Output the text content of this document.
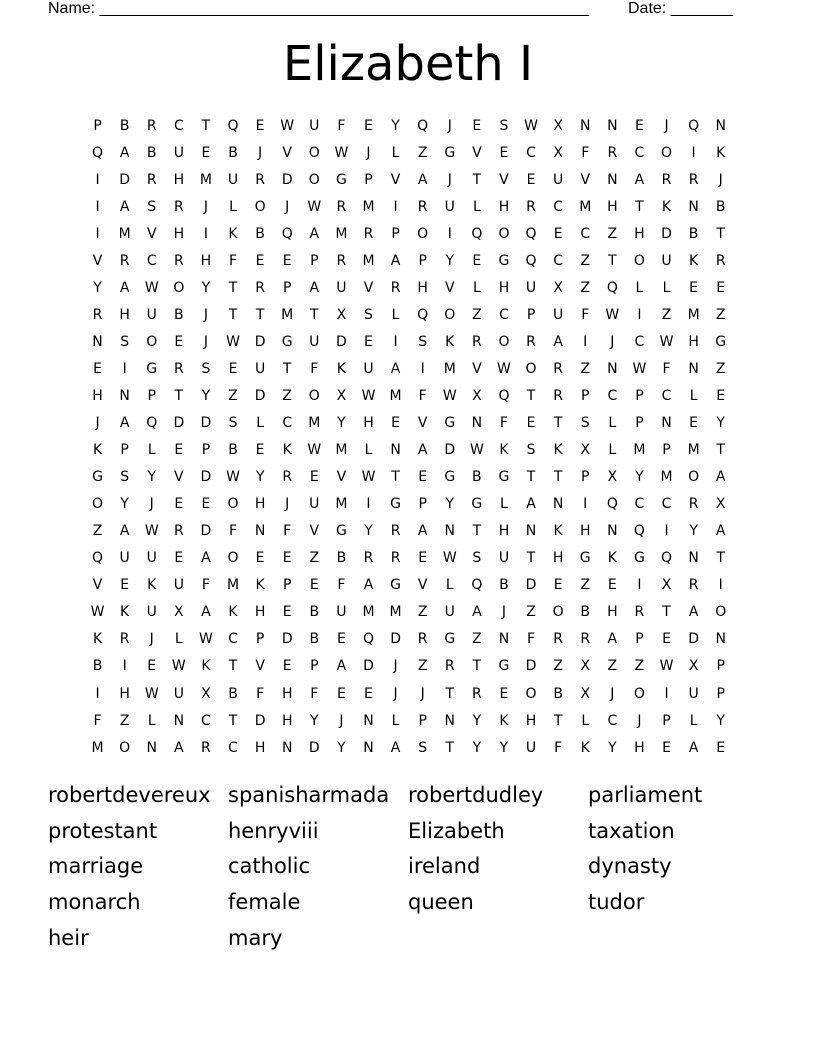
Name: _______________________________________________________ Date: _______
Elizabeth I
P	B	R	C	T	Q	E	W	U	F	E	Y	Q	J	E	S	W	X	N	N	E	J	Q	N
Q	A	B	U	E	B	J	V	O	W	J	L	Z	G	V	E	C	X	F	R	C	O	I	K
I	D	R	H	M	U	R	D	O	G	P	V	A	J	T	V	E	U	V	N	A	R	R	J
I	A	S	R	J	L	O	J	W	R	M	I	R	U	L	H	R	C	M	H	T	K	N	B
I	M	V	H	I	K	B	Q	A	M	R	P	O	I	Q	O	Q	E	C	Z	H	D	B	T
V	R	C	R	H	F	E	E	P	R	M	A	P	Y	E	G	Q	C	Z	T	O	U	K	R
Y	A	W	O	Y	T	R	P	A	U	V	R	H	V	L	H	U	X	Z	Q	L	L	E	E
R	H	U	B	J	T	T	M	T	X	S	L	Q	O	Z	C	P	U	F	W	I	Z	M	Z
N	S	O	E	J	W	D	G	U	D	E	I	S	K	R	O	R	A	I	J	C	W	H	G
E	I	G	R	S	E	U	T	F	K	U	A	I	M	V	W	O	R	Z	N	W	F	N	Z
H	N	P	T	Y	Z	D	Z	O	X	W	M	F	W	X	Q	T	R	P	C	P	C	L	E
J	A	Q	D	D	S	L	C	M	Y	H	E	V	G	N	F	E	T	S	L	P	N	E	Y
K	P	L	E	P	B	E	K	W	M	L	N	A	D	W	K	S	K	X	L	M	P	M	T
G	S	Y	V	D	W	Y	R	E	V	W	T	E	G	B	G	T	T	P	X	Y	M	O	A
O	Y	J	E	E	O	H	J	U	M	I	G	P	Y	G	L	A	N	I	Q	C	C	R	X
Z	A	W	R	D	F	N	F	V	G	Y	R	A	N	T	H	N	K	H	N	Q	I	Y	A
Q	U	U	E	A	O	E	E	Z	B	R	R	E	W	S	U	T	H	G	K	G	Q	N	T
V	E	K	U	F	M	K	P	E	F	A	G	V	L	Q	B	D	E	Z	E	I	X	R	I
W	K	U	X	A	K	H	E	B	U	M	M	Z	U	A	J	Z	O	B	H	R	T	A	O
K	R	J	L	W	C	P	D	B	E	Q	D	R	G	Z	N	F	R	R	A	P	E	D	N
B	I	E	W	K	T	V	E	P	A	D	J	Z	R	T	G	D	Z	X	Z	Z	W	X	P
I	H	W	U	X	B	F	H	F	E	E	J	J	T	R	E	O	B	X	J	O	I	U	P
F	Z	L	N	C	T	D	H	Y	J	N	L	P	N	Y	K	H	T	L	C	J	P	L	Y
M	O	N	A	R	C	H	N	D	Y	N	A	S	T	Y	Y	U	F	K	Y	H	E	A	E
robertdevereux spanisharmada robertdudley	parliament
protestant	henryviii	Elizabeth	taxation
marriage	catholic	ireland	dynasty
monarch	female	queen	tudor
heir	mary
